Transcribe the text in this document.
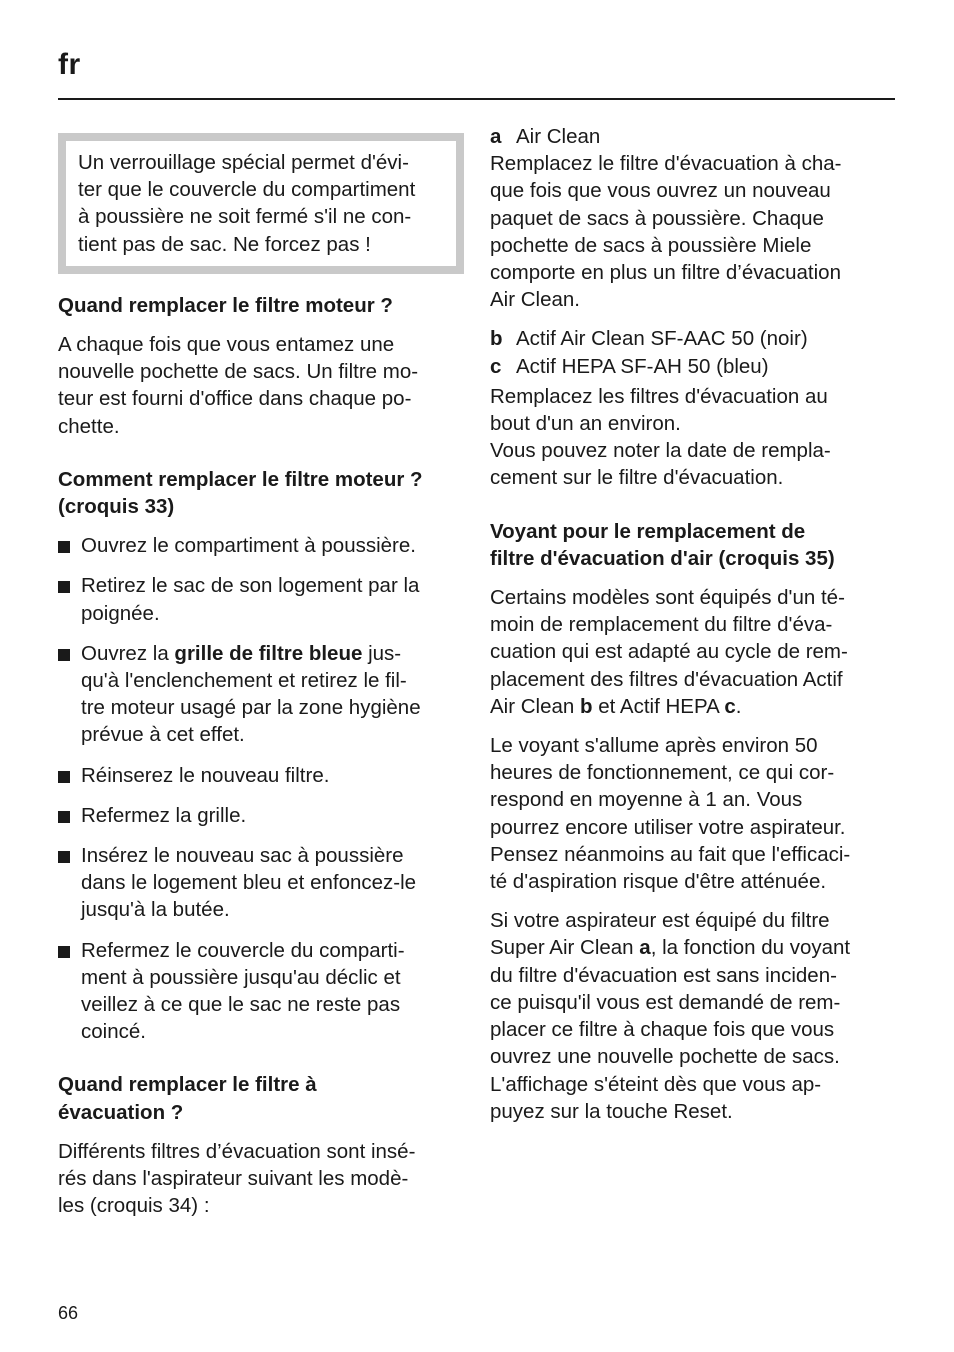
fr

Un verrouillage spécial permet d'évi-
ter que le couvercle du compartiment
à poussière ne soit fermé s'il ne con-
tient pas de sac. Ne forcez pas !

Quand remplacer le filtre moteur ?

A chaque fois que vous entamez une
nouvelle pochette de sacs. Un filtre mo-
teur est fourni d'office dans chaque po-
chette.

Comment remplacer le filtre moteur ?
(croquis 33)
Ouvrez le compartiment à poussière.
Retirez le sac de son logement par la
poignée.
Ouvrez la grille de filtre bleue jus-
qu'à l'enclenchement et retirez le fil-
tre moteur usagé par la zone hygiène
prévue à cet effet.
Réinserez le nouveau filtre.
Refermez la grille.
Insérez le nouveau sac à poussière
dans le logement bleu et enfoncez-le
jusqu'à la butée.
Refermez le couvercle du comparti-
ment à poussière jusqu'au déclic et
veillez à ce que le sac ne reste pas
coincé.
Quand remplacer le filtre à
évacuation ?

Différents filtres d’évacuation sont insé-
rés dans l'aspirateur suivant les modè-
les (croquis 34) :

a Air Clean
Remplacez le filtre d'évacuation à cha-
que fois que vous ouvrez un nouveau
paquet de sacs à poussière. Chaque
pochette de sacs à poussière Miele
comporte en plus un filtre d’évacuation
Air Clean.
b Actif Air Clean SF-AAC 50 (noir)
c Actif HEPA SF-AH 50 (bleu)
Remplacez les filtres d'évacuation au
bout d'un an environ.
Vous pouvez noter la date de rempla-
cement sur le filtre d'évacuation.
Voyant pour le remplacement de
filtre d'évacuation d'air (croquis 35)

Certains modèles sont équipés d'un té-
moin de remplacement du filtre d'éva-
cuation qui est adapté au cycle de rem-
placement des filtres d'évacuation Actif
Air Clean b et Actif HEPA c.

Le voyant s'allume après environ 50
heures de fonctionnement, ce qui cor-
respond en moyenne à 1 an. Vous
pourrez encore utiliser votre aspirateur.
Pensez néanmoins au fait que l'efficaci-
té d'aspiration risque d'être atténuée.

Si votre aspirateur est équipé du filtre
Super Air Clean a, la fonction du voyant
du filtre d'évacuation est sans inciden-
ce puisqu'il vous est demandé de rem-
placer ce filtre à chaque fois que vous
ouvrez une nouvelle pochette de sacs.
L'affichage s'éteint dès que vous ap-
puyez sur la touche Reset.

66
